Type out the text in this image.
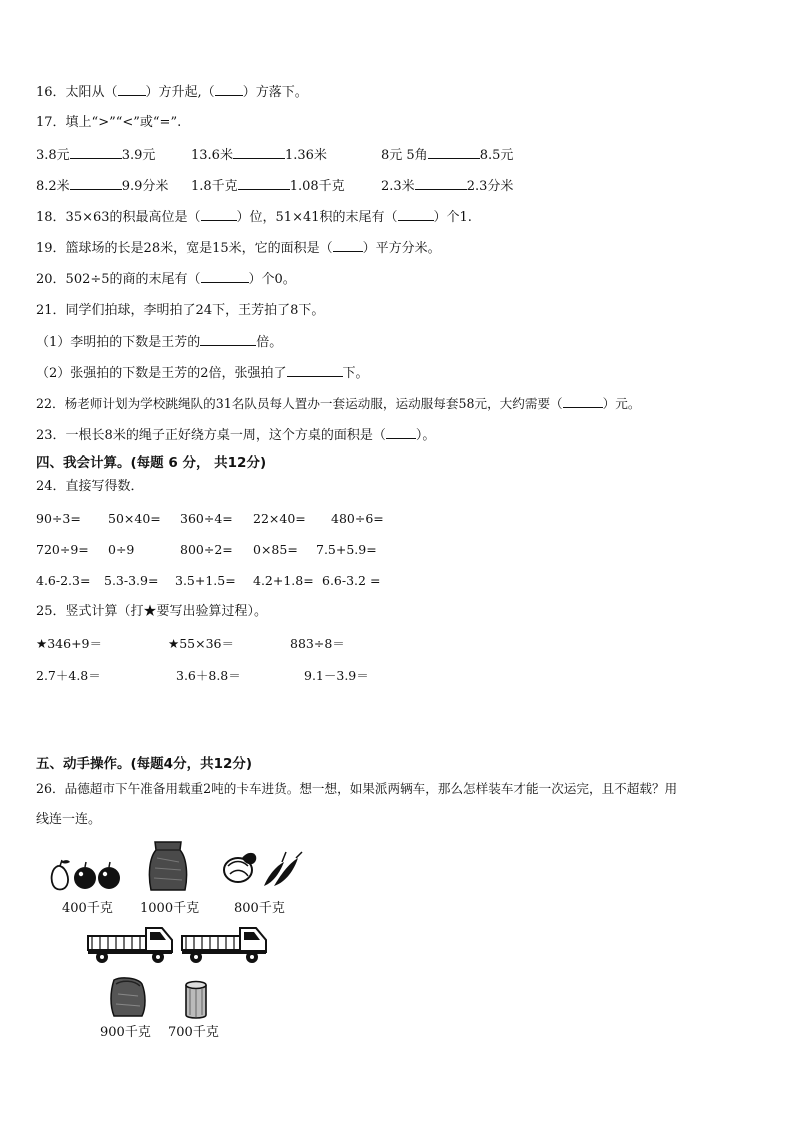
16．太阳从（ ）方升起,（ ）方落下。
17．填上“>”“<”或“=”.
3.8元	3.9元	13.6米	1.36米	8元 5角	8.5元
8.2米	9.9分米 1.8千克	1.08千克	2.3米	2.3分米
18．35×63的积最高位是（	）位，51×41积的末尾有（	）个1.
19．篮球场的长是28米，宽是15米，它的面积是（ ）平方分米。
20．502÷5的商的末尾有（	）个0。
21．同学们拍球，李明拍了24下，王芳拍了8下。
（1）李明拍的下数是王芳的	倍。
（2）张强拍的下数是王芳的2倍，张强拍了	下。
22．杨老师计划为学校跳绳队的31名队员每人置办一套运动服，运动服每套58元，大约需要（	）元。
23．一根长8米的绳子正好绕方桌一周，这个方桌的面积是（ ）。
四、我会计算。(每题 6 分， 共12分)
24．直接写得数．
90÷3= 50×40= 360÷4= 22×40= 480÷6=
720÷9= 0÷9	800÷2= 0×85= 7.5+5.9=
4.6-2.3= 5.3-3.9= 3.5+1.5= 4.2+1.8= 6.6-3.2 =
25．竖式计算（打★要写出验算过程）。
★346+9＝	★55×36＝	883÷8＝
2.7＋4.8＝	3.6＋8.8＝	9.1－3.9＝
五、动手操作。(每题4分，共12分)
26．品德超市下午准备用载重2吨的卡车进货。想一想，如果派两辆车，那么怎样装车才能一次运完，且不超载？用
线连一连。
400千克 1000千克	800千克
900千克 700千克
